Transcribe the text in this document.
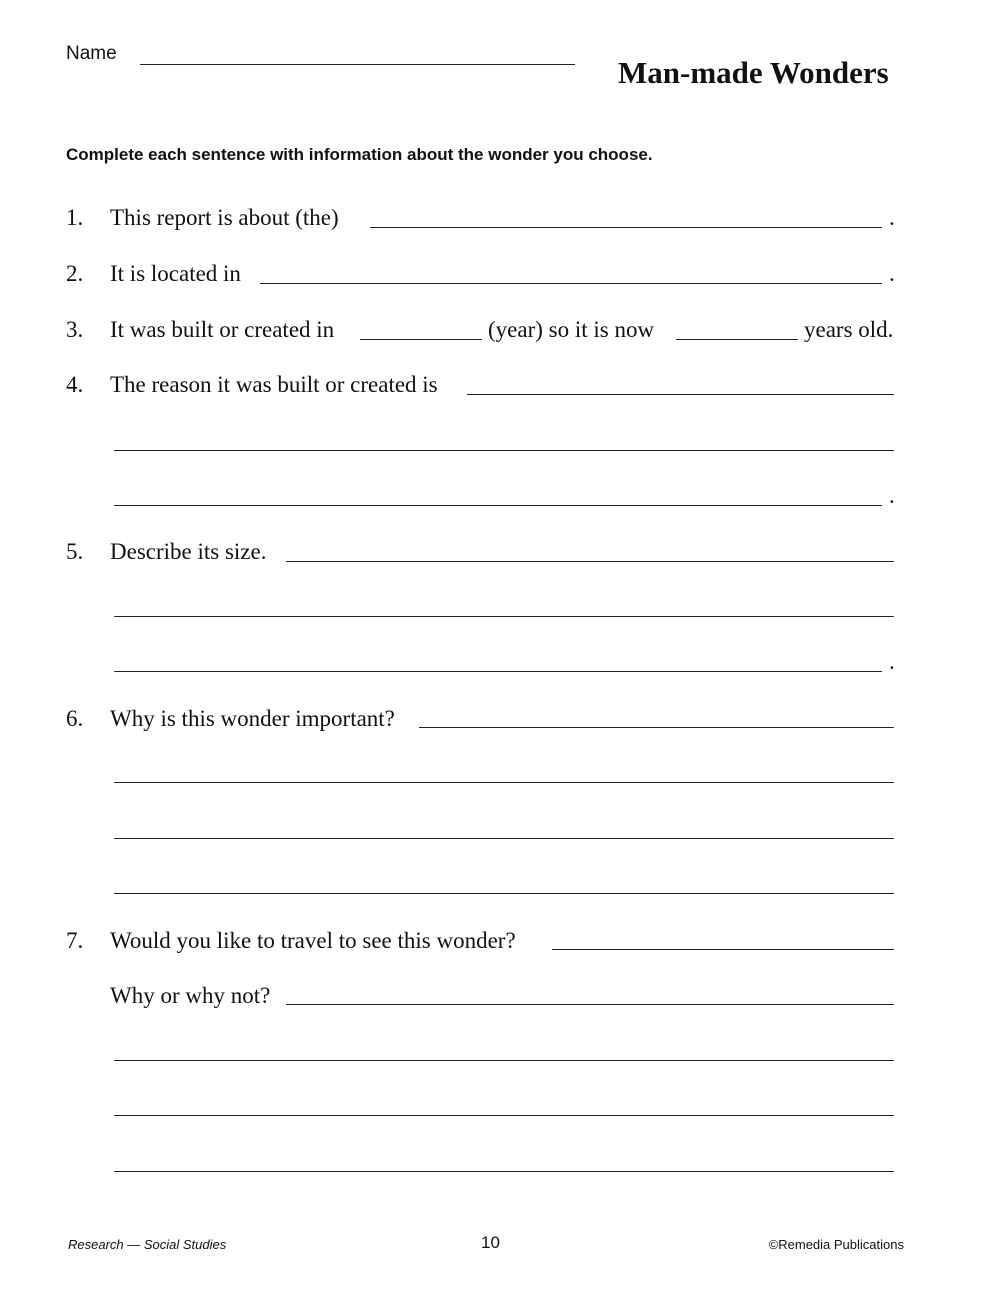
Name
Man-made Wonders
Complete each sentence with information about the wonder you choose.
1. This report is about (the)	.
2. It is located in	.
3. It was built or created in	(year) so it is now	years old.
4. The reason it was built or created is
.
5. Describe its size.
.
6. Why is this wonder important?
7. Would you like to travel to see this wonder?
Why or why not?
Research — Social Studies	10	©Remedia Publications
